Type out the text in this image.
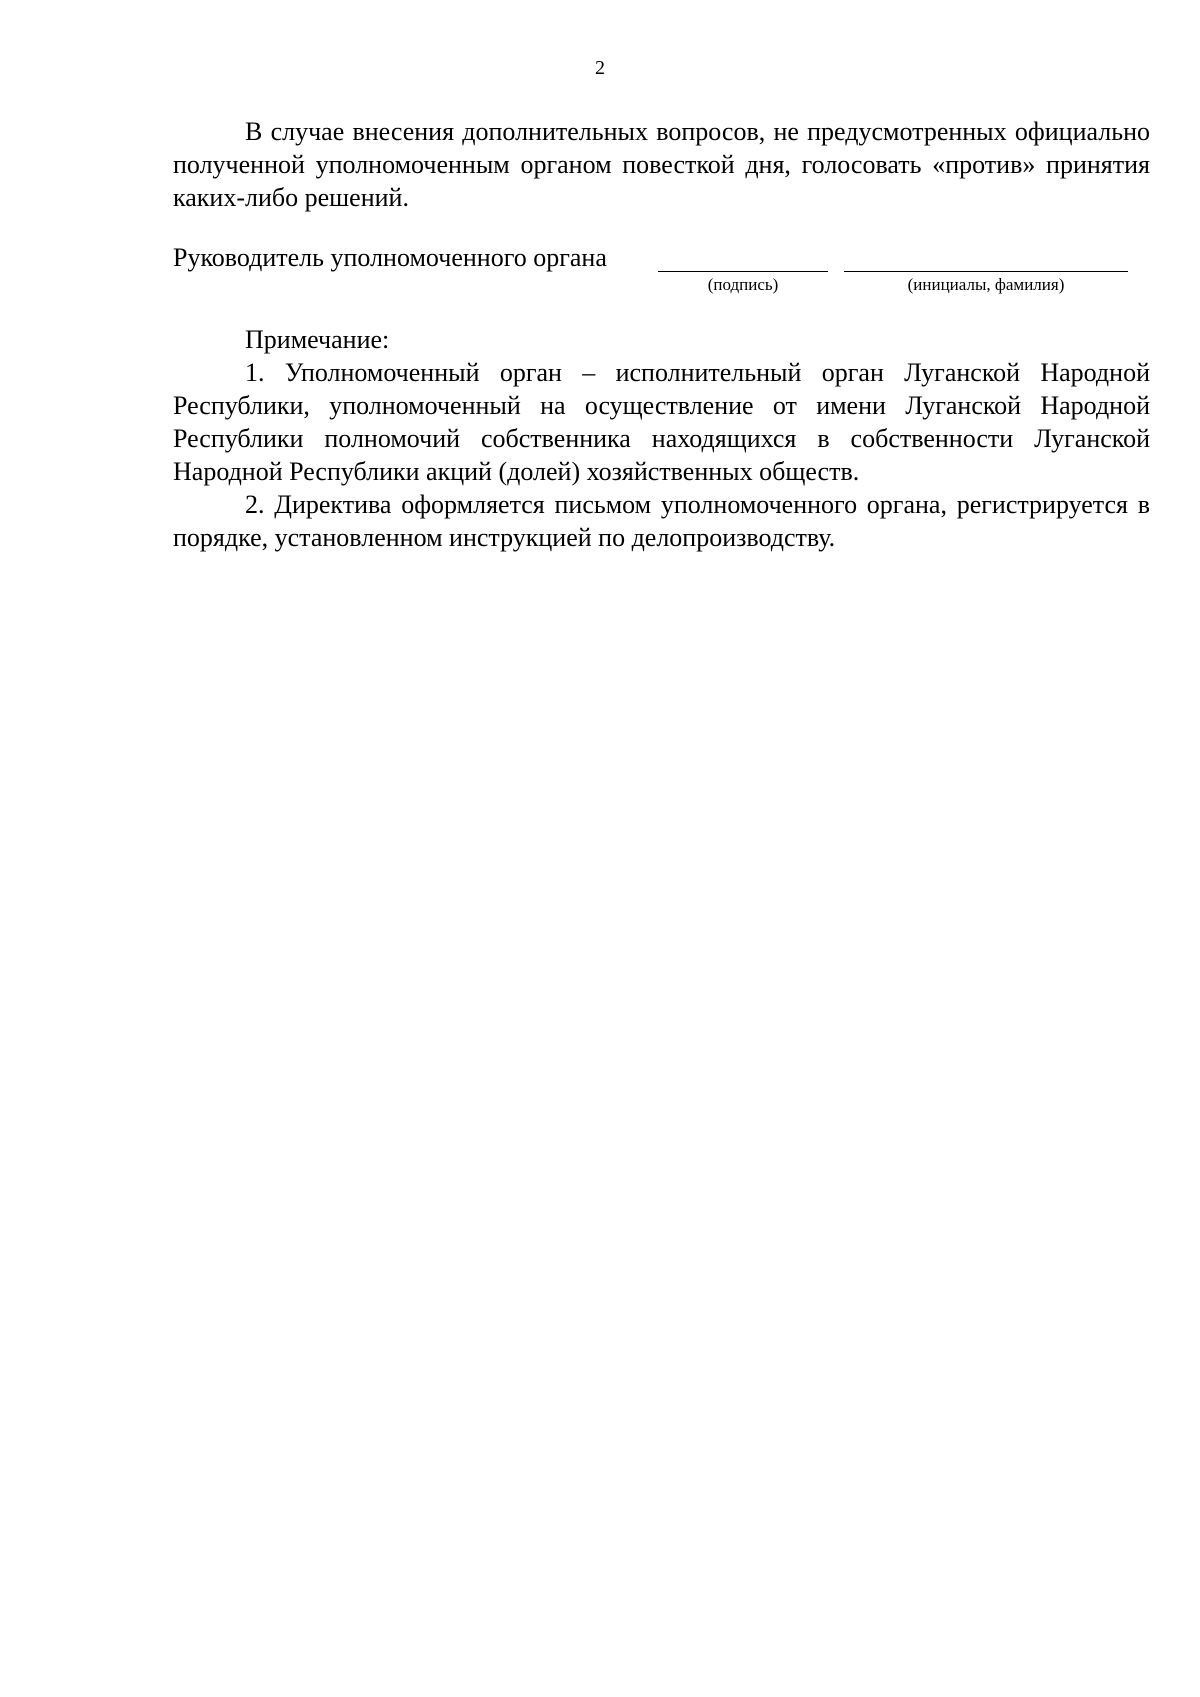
2

В случае внесения дополнительных вопросов, не предусмотренных официально полученной уполномоченным органом повесткой дня, голосовать «против» принятия каких-либо решений.

Руководитель уполномоченного органа
(подпись)	(инициалы, фамилия)

Примечание:

1. Уполномоченный орган – исполнительный орган Луганской Народной Республики, уполномоченный на осуществление от имени Луганской Народной Республики полномочий собственника находящихся в собственности Луганской Народной Республики акций (долей) хозяйственных обществ.

2. Директива оформляется письмом уполномоченного органа, регистрируется в порядке, установленном инструкцией по делопроизводству.
